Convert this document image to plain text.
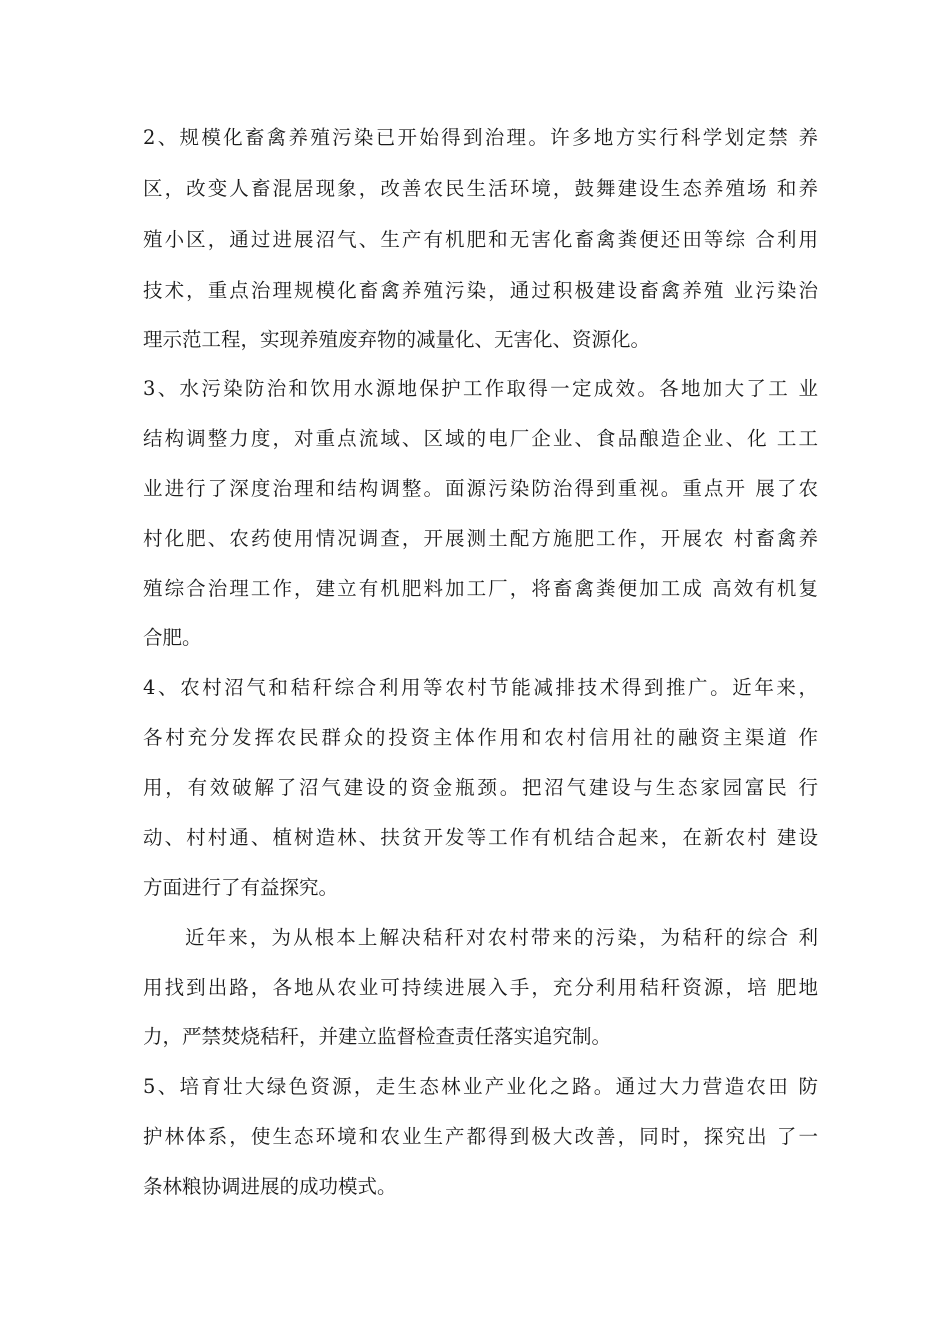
2、规模化畜禽养殖污染已开始得到治理。许多地方实行科学划定禁 养
区，改变人畜混居现象，改善农民生活环境，鼓舞建设生态养殖场 和养
殖小区，通过进展沼气、生产有机肥和无害化畜禽粪便还田等综 合利用
技术，重点治理规模化畜禽养殖污染，通过积极建设畜禽养殖 业污染治
理示范工程，实现养殖废弃物的减量化、无害化、资源化。
3、水污染防治和饮用水源地保护工作取得一定成效。各地加大了工 业
结构调整力度，对重点流域、区域的电厂企业、食品酿造企业、化 工工
业进行了深度治理和结构调整。面源污染防治得到重视。重点开 展了农
村化肥、农药使用情况调查，开展测土配方施肥工作，开展农 村畜禽养
殖综合治理工作，建立有机肥料加工厂，将畜禽粪便加工成 高效有机复
合肥。
4、农村沼气和秸秆综合利用等农村节能减排技术得到推广。近年来，
各村充分发挥农民群众的投资主体作用和农村信用社的融资主渠道 作
用，有效破解了沼气建设的资金瓶颈。把沼气建设与生态家园富民 行
动、村村通、植树造林、扶贫开发等工作有机结合起来，在新农村 建设
方面进行了有益探究。
近年来，为从根本上解决秸秆对农村带来的污染，为秸秆的综合 利
用找到出路，各地从农业可持续进展入手，充分利用秸秆资源，培 肥地
力，严禁焚烧秸秆，并建立监督检查责任落实追究制。
5、培育壮大绿色资源，走生态林业产业化之路。通过大力营造农田 防
护林体系，使生态环境和农业生产都得到极大改善，同时，探究出 了一
条林粮协调进展的成功模式。
